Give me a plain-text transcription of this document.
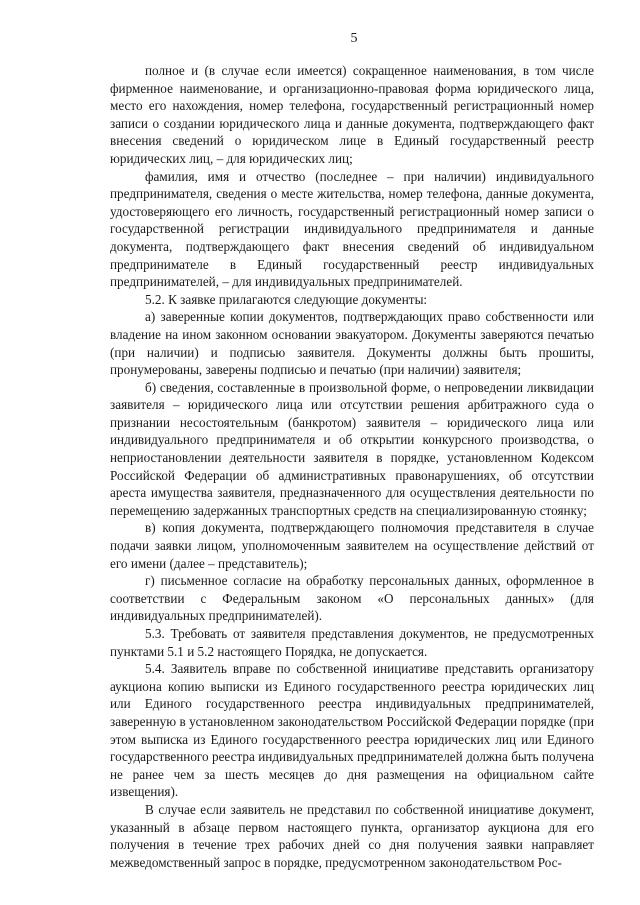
5

полное и (в случае если имеется) сокращенное наименования, в том числе фирменное наименование, и организационно-правовая форма юридического лица, место его нахождения, номер телефона, государственный регистрационный номер записи о создании юридического лица и данные документа, подтверждающего факт внесения сведений о юридическом лице в Единый государственный реестр юридических лиц, – для юридических лиц;

фамилия, имя и отчество (последнее – при наличии) индивидуального предпринимателя, сведения о месте жительства, номер телефона, данные документа, удостоверяющего его личность, государственный регистрационный номер записи о государственной регистрации индивидуального предпринимателя и данные документа, подтверждающего факт внесения сведений об индивидуальном предпринимателе в Единый государственный реестр индивидуальных предпринимателей, – для индивидуальных предпринимателей.

5.2. К заявке прилагаются следующие документы:

а) заверенные копии документов, подтверждающих право собственности или владение на ином законном основании эвакуатором. Документы заверяются печатью (при наличии) и подписью заявителя. Документы должны быть прошиты, пронумерованы, заверены подписью и печатью (при наличии) заявителя;

б) сведения, составленные в произвольной форме, о непроведении ликвидации заявителя – юридического лица или отсутствии решения арбитражного суда о признании несостоятельным (банкротом) заявителя – юридического лица или индивидуального предпринимателя и об открытии конкурсного производства, о неприостановлении деятельности заявителя в порядке, установленном Кодексом Российской Федерации об административных правонарушениях, об отсутствии ареста имущества заявителя, предназначенного для осуществления деятельности по перемещению задержанных транспортных средств на специализированную стоянку;

в) копия документа, подтверждающего полномочия представителя в случае подачи заявки лицом, уполномоченным заявителем на осуществление действий от его имени (далее – представитель);

г) письменное согласие на обработку персональных данных, оформленное в соответствии с Федеральным законом «О персональных данных» (для индивидуальных предпринимателей).

5.3. Требовать от заявителя представления документов, не предусмотренных пунктами 5.1 и 5.2 настоящего Порядка, не допускается.

5.4. Заявитель вправе по собственной инициативе представить организатору аукциона копию выписки из Единого государственного реестра юридических лиц или Единого государственного реестра индивидуальных предпринимателей, заверенную в установленном законодательством Российской Федерации порядке (при этом выписка из Единого государственного реестра юридических лиц или Единого государственного реестра индивидуальных предпринимателей должна быть получена не ранее чем за шесть месяцев до дня размещения на официальном сайте извещения).

В случае если заявитель не представил по собственной инициативе документ, указанный в абзаце первом настоящего пункта, организатор аукциона для его получения в течение трех рабочих дней со дня получения заявки направляет межведомственный запрос в порядке, предусмотренном законодательством Рос-
